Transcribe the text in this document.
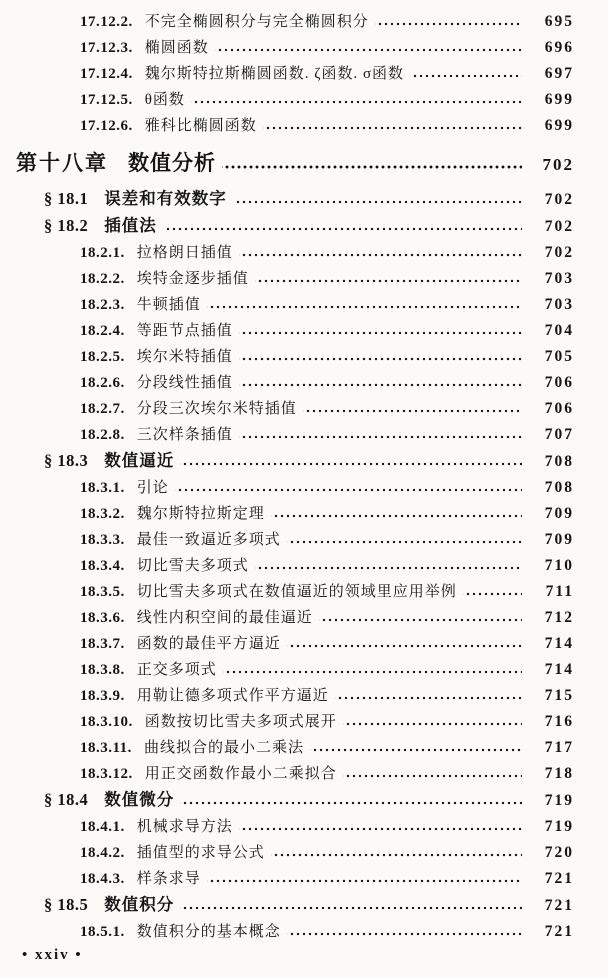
17.12.2. 不完全椭圆积分与完全椭圆积分	695
17.12.3. 椭圆函数	696
17.12.4. 魏尔斯特拉斯椭圆函数. ζ函数. σ函数	697
17.12.5. θ函数	699
17.12.6. 雅科比椭圆函数	699
第十八章 数值分析	702
§ 18.1 误差和有效数字	702
§ 18.2 插值法	702
18.2.1. 拉格朗日插值	702
18.2.2. 埃特金逐步插值	703
18.2.3. 牛顿插值	703
18.2.4. 等距节点插值	704
18.2.5. 埃尔米特插值	705
18.2.6. 分段线性插值	706
18.2.7. 分段三次埃尔米特插值	706
18.2.8. 三次样条插值	707
§ 18.3 数值逼近	708
18.3.1. 引论	708
18.3.2. 魏尔斯特拉斯定理	709
18.3.3. 最佳一致逼近多项式	709
18.3.4. 切比雪夫多项式	710
18.3.5. 切比雪夫多项式在数值逼近的领域里应用举例	711
18.3.6. 线性内积空间的最佳逼近	712
18.3.7. 函数的最佳平方逼近	714
18.3.8. 正交多项式	714
18.3.9. 用勒让德多项式作平方逼近	715
18.3.10. 函数按切比雪夫多项式展开	716
18.3.11. 曲线拟合的最小二乘法	717
18.3.12. 用正交函数作最小二乘拟合	718
§ 18.4 数值微分	719
18.4.1. 机械求导方法	719
18.4.2. 插值型的求导公式	720
18.4.3. 样条求导	721
§ 18.5 数值积分	721
18.5.1. 数值积分的基本概念	721
• xxiv •
